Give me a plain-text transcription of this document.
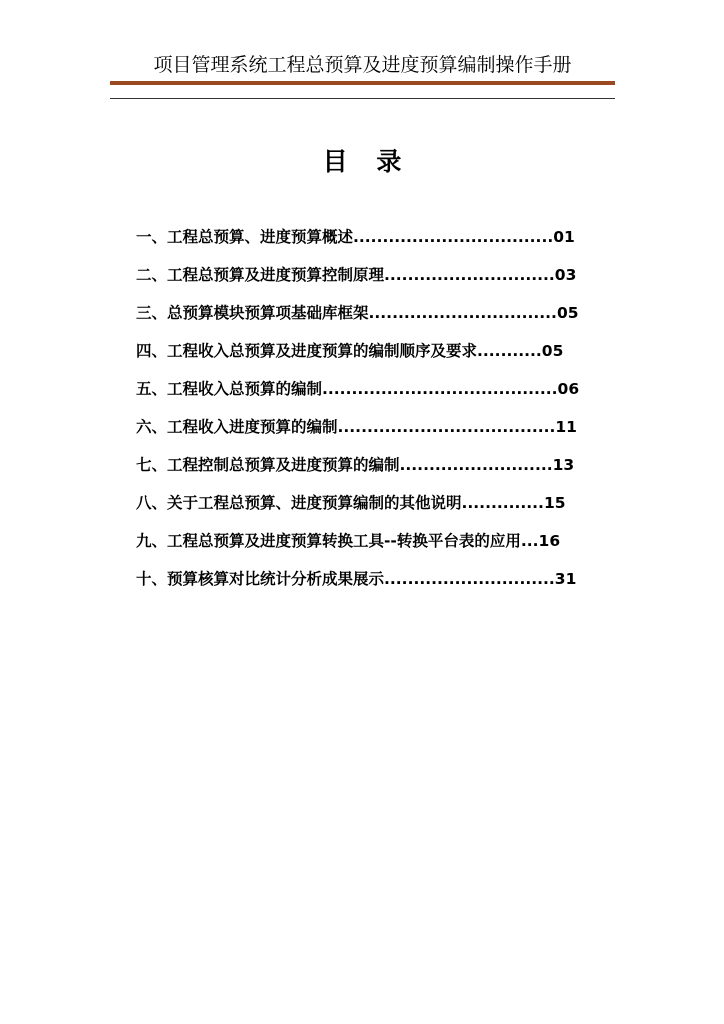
项目管理系统工程总预算及进度预算编制操作手册
目 录
一、工程总预算、进度预算概述..................................01
二、工程总预算及进度预算控制原理.............................03
三、总预算模块预算项基础库框架................................05
四、工程收入总预算及进度预算的编制顺序及要求...........05
五、工程收入总预算的编制........................................06
六、工程收入进度预算的编制.....................................11
七、工程控制总预算及进度预算的编制..........................13
八、关于工程总预算、进度预算编制的其他说明..............15
九、工程总预算及进度预算转换工具--转换平台表的应用...16
十、预算核算对比统计分析成果展示.............................31
